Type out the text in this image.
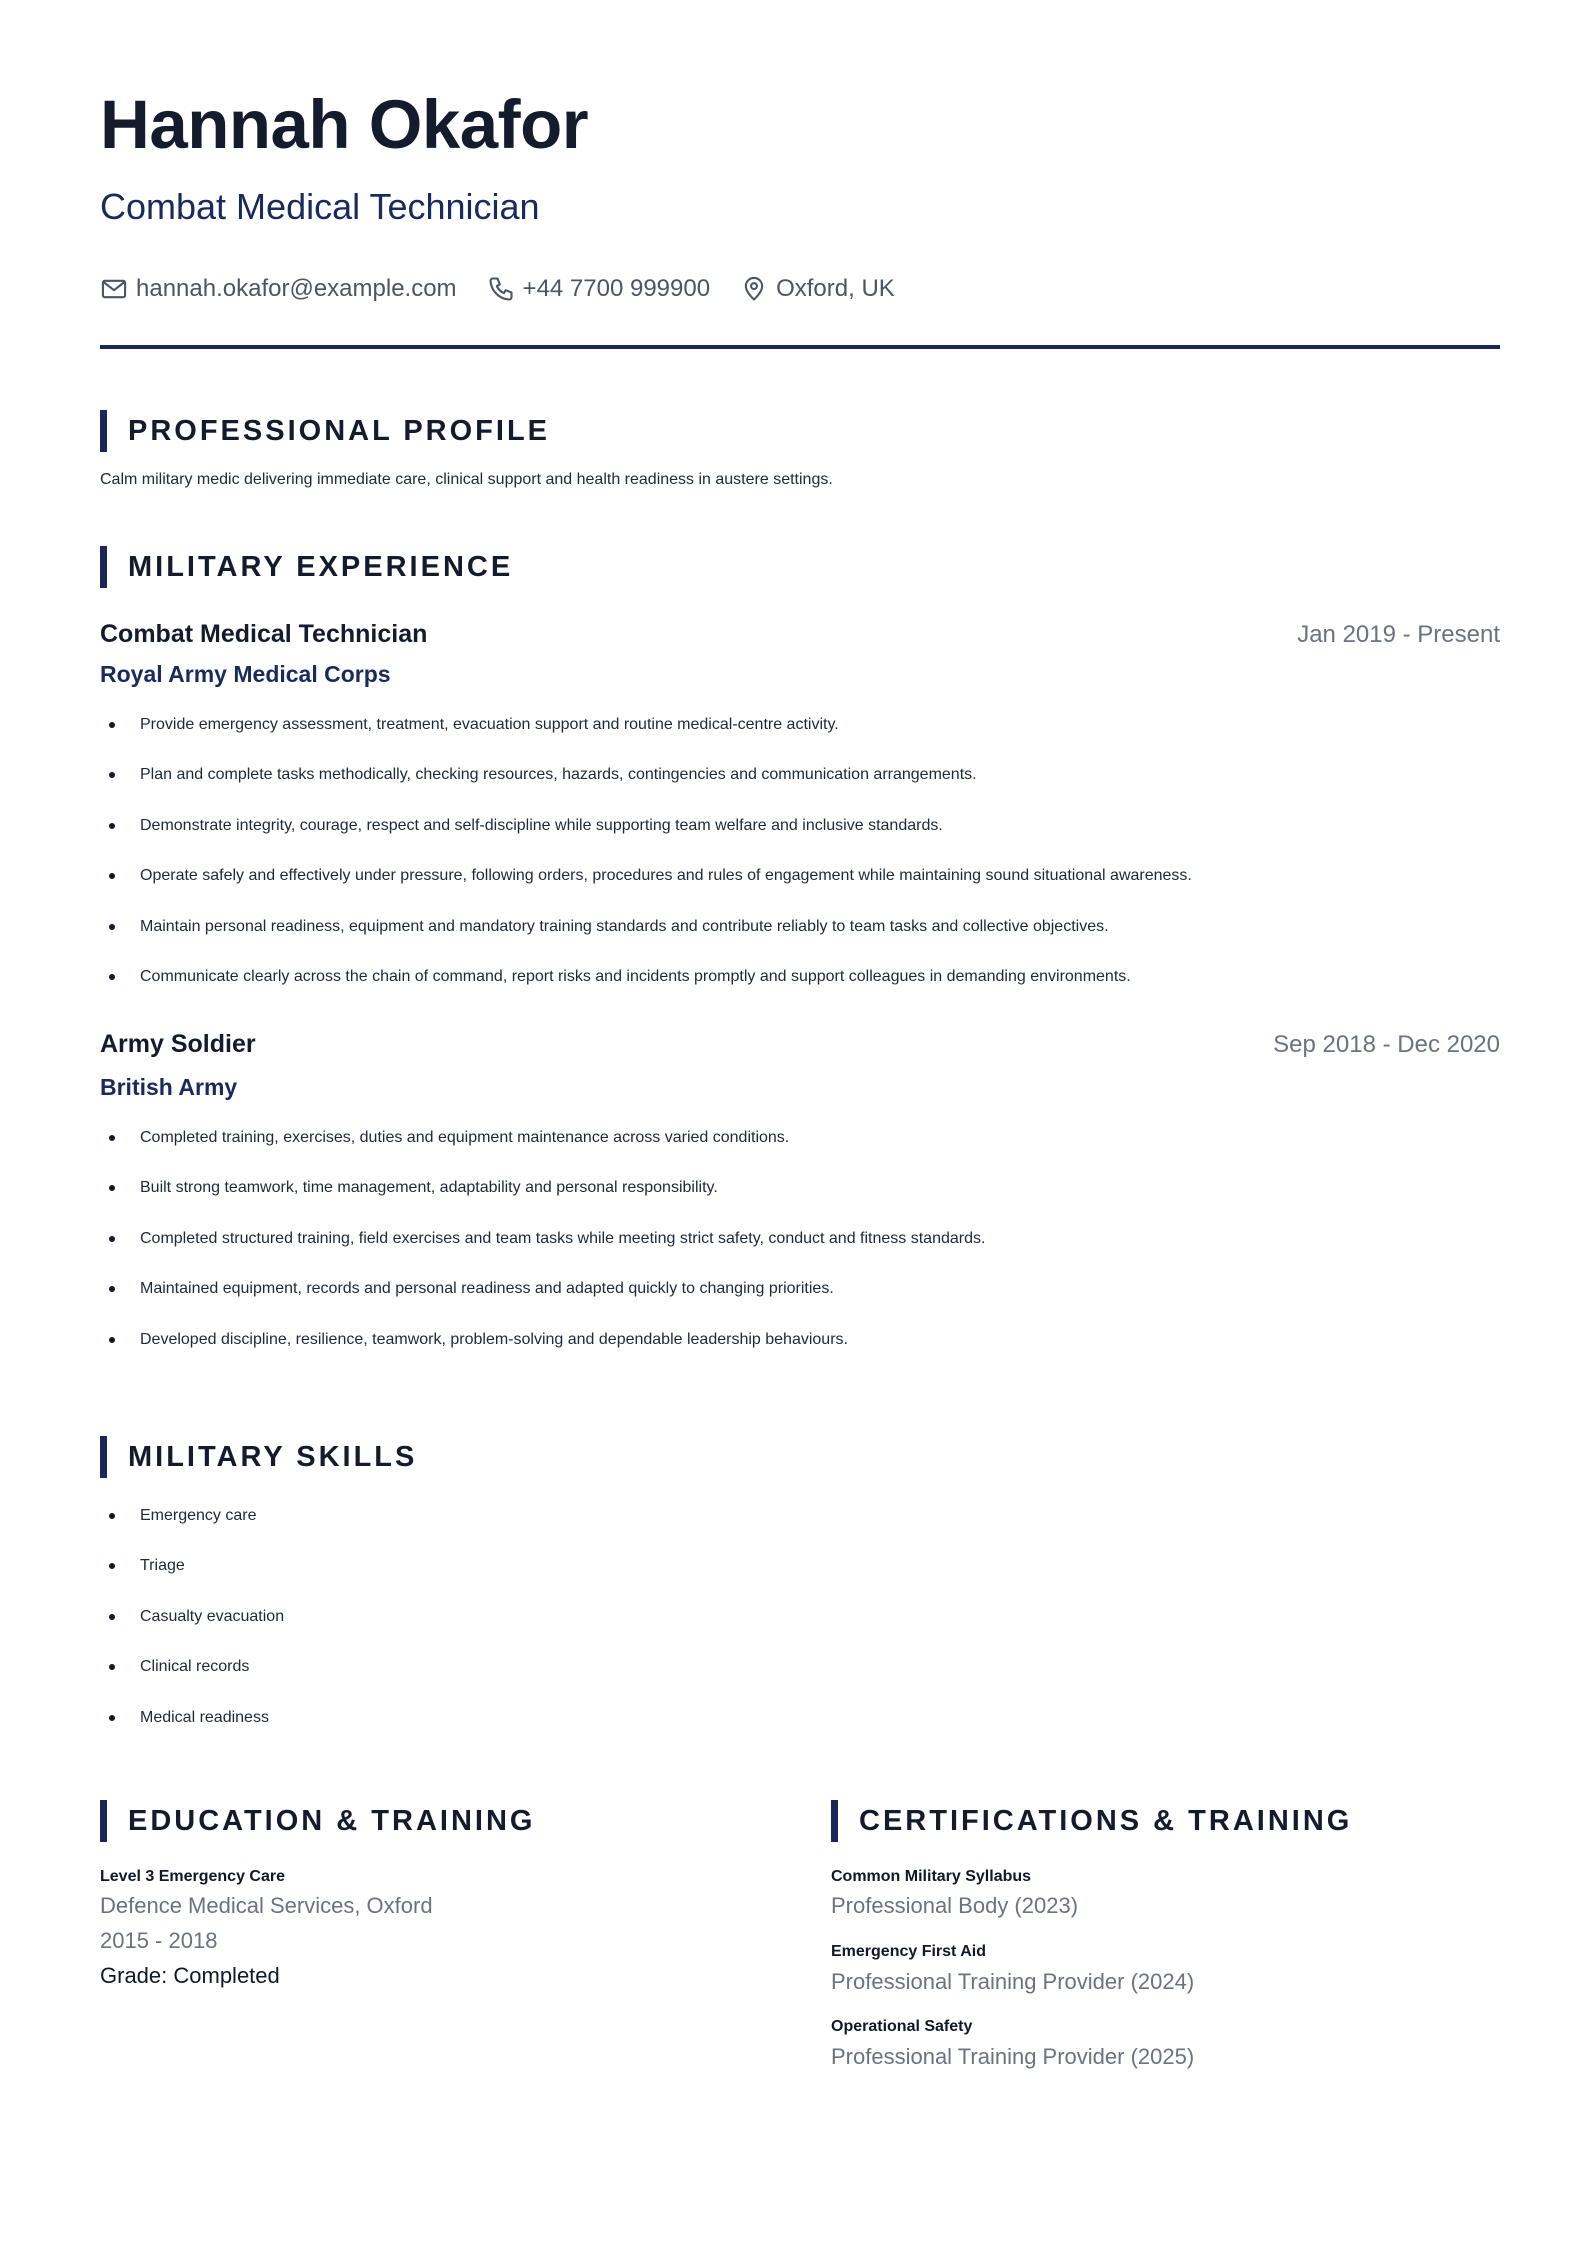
Hannah Okafor
Combat Medical Technician
hannah.okafor@example.com	+44 7700 999900	Oxford, UK
PROFESSIONAL PROFILE
Calm military medic delivering immediate care, clinical support and health readiness in austere settings.
MILITARY EXPERIENCE
Combat Medical Technician	Jan 2019 - Present
Royal Army Medical Corps
Provide emergency assessment, treatment, evacuation support and routine medical-centre activity.
Plan and complete tasks methodically, checking resources, hazards, contingencies and communication arrangements.
Demonstrate integrity, courage, respect and self-discipline while supporting team welfare and inclusive standards.
Operate safely and effectively under pressure, following orders, procedures and rules of engagement while maintaining sound situational awareness.
Maintain personal readiness, equipment and mandatory training standards and contribute reliably to team tasks and collective objectives.
Communicate clearly across the chain of command, report risks and incidents promptly and support colleagues in demanding environments.
Army Soldier	Sep 2018 - Dec 2020
British Army
Completed training, exercises, duties and equipment maintenance across varied conditions.
Built strong teamwork, time management, adaptability and personal responsibility.
Completed structured training, field exercises and team tasks while meeting strict safety, conduct and fitness standards.
Maintained equipment, records and personal readiness and adapted quickly to changing priorities.
Developed discipline, resilience, teamwork, problem-solving and dependable leadership behaviours.
MILITARY SKILLS
Emergency care
Triage
Casualty evacuation
Clinical records
Medical readiness
EDUCATION & TRAINING
Level 3 Emergency Care
Defence Medical Services, Oxford
2015 - 2018
Grade: Completed
CERTIFICATIONS & TRAINING
Common Military Syllabus
Professional Body (2023)
Emergency First Aid
Professional Training Provider (2024)
Operational Safety
Professional Training Provider (2025)
